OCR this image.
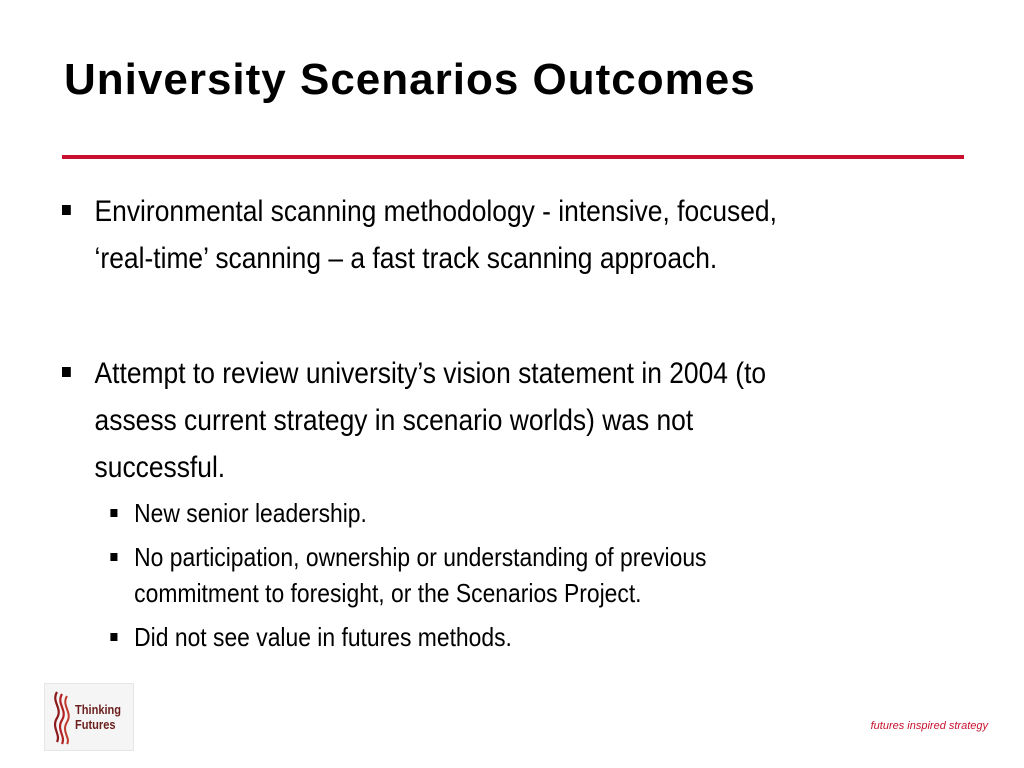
University Scenarios Outcomes
Environmental scanning methodology - intensive, focused,
‘real-time’ scanning – a fast track scanning approach.
Attempt to review university’s vision statement in 2004 (to
assess current strategy in scenario worlds) was not
successful.
New senior leadership.
No participation, ownership or understanding of previous
commitment to foresight, or the Scenarios Project.
Did not see value in futures methods.
Thinking
Futures	futures inspired strategy
